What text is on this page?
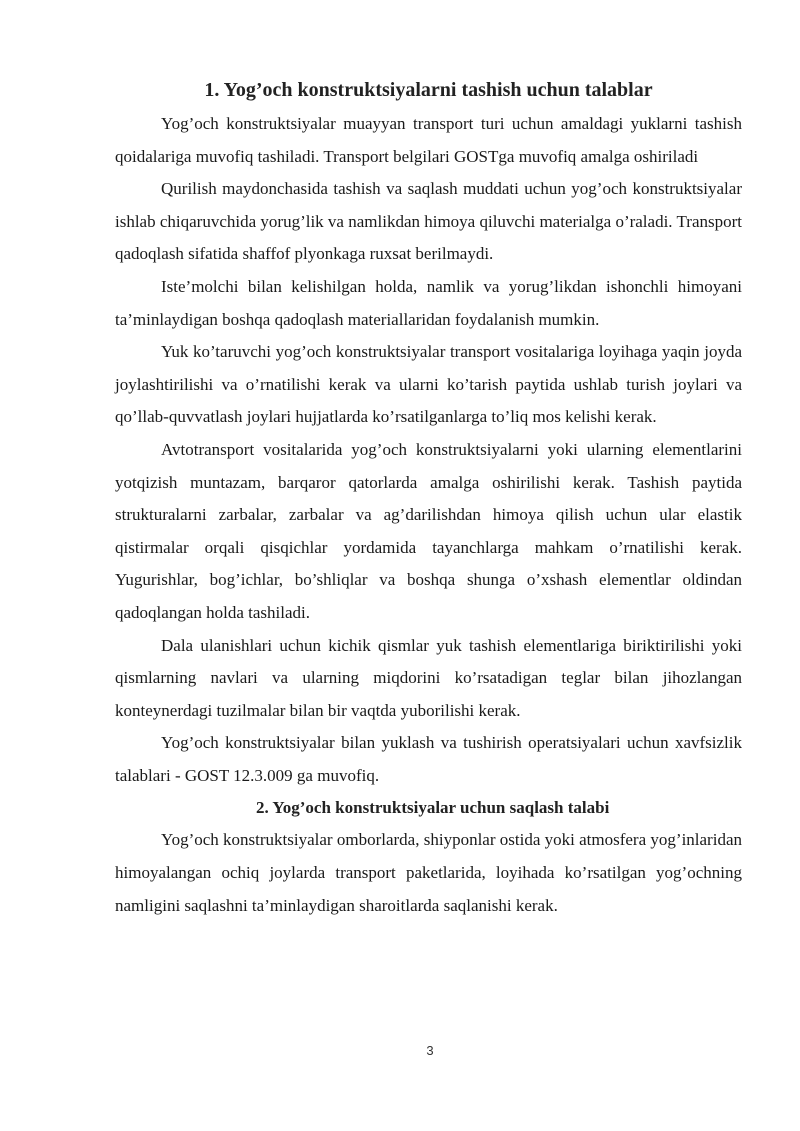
1. Yog’och konstruktsiyalarni tashish uchun talablar

Yog’och konstruktsiyalar muayyan transport turi uchun amaldagi yuklarni tashish qoidalariga muvofiq tashiladi. Transport belgilari GOSTga muvofiq amalga oshiriladi

Qurilish maydonchasida tashish va saqlash muddati uchun yog’och konstruktsiyalar ishlab chiqaruvchida yorug’lik va namlikdan himoya qiluvchi materialga o’raladi. Transport qadoqlash sifatida shaffof plyonkaga ruxsat berilmaydi.

Iste’molchi bilan kelishilgan holda, namlik va yorug’likdan ishonchli himoyani ta’minlaydigan boshqa qadoqlash materiallaridan foydalanish mumkin.

Yuk ko’taruvchi yog’och konstruktsiyalar transport vositalariga loyihaga yaqin joyda joylashtirilishi va o’rnatilishi kerak va ularni ko’tarish paytida ushlab turish joylari va qo’llab-quvvatlash joylari hujjatlarda ko’rsatilganlarga to’liq mos kelishi kerak.

Avtotransport vositalarida yog’och konstruktsiyalarni yoki ularning elementlarini yotqizish muntazam, barqaror qatorlarda amalga oshirilishi kerak. Tashish paytida strukturalarni zarbalar, zarbalar va ag’darilishdan himoya qilish uchun ular elastik qistirmalar orqali qisqichlar yordamida tayanchlarga mahkam o’rnatilishi kerak. Yugurishlar, bog’ichlar, bo’shliqlar va boshqa shunga o’xshash elementlar oldindan qadoqlangan holda tashiladi.

Dala ulanishlari uchun kichik qismlar yuk tashish elementlariga biriktirilishi yoki qismlarning navlari va ularning miqdorini ko’rsatadigan teglar bilan jihozlangan konteynerdagi tuzilmalar bilan bir vaqtda yuborilishi kerak.

Yog’och konstruktsiyalar bilan yuklash va tushirish operatsiyalari uchun xavfsizlik talablari - GOST 12.3.009 ga muvofiq.

2. Yog’och konstruktsiyalar uchun saqlash talabi

Yog’och konstruktsiyalar omborlarda, shiyponlar ostida yoki atmosfera yog’inlaridan himoyalangan ochiq joylarda transport paketlarida, loyihada ko’rsatilgan yog’ochning namligini saqlashni ta’minlaydigan sharoitlarda saqlanishi kerak.

3
